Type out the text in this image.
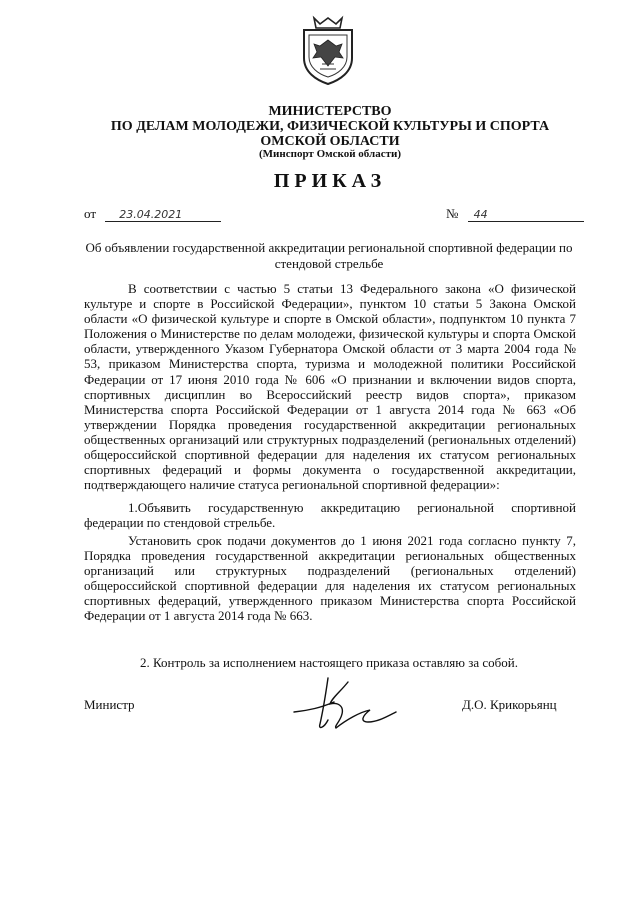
МИНИСТЕРСТВО
ПО ДЕЛАМ МОЛОДЕЖИ, ФИЗИЧЕСКОЙ КУЛЬТУРЫ И СПОРТА
ОМСКОЙ ОБЛАСТИ
(Минспорт Омской области)
ПРИКАЗ
от 23.04.2021	№ 44
Об объявлении государственной аккредитации региональной спортивной федерации по стендовой стрельбе

В соответствии с частью 5 статьи 13 Федерального закона «О физической культуре и спорте в Российской Федерации», пунктом 10 статьи 5 Закона Омской области «О физической культуре и спорте в Омской области», подпунктом 10 пункта 7 Положения о Министерстве по делам молодежи, физической культуры и спорта Омской области, утвержденного Указом Губернатора Омской области от 3 марта 2004 года № 53, приказом Министерства спорта, туризма и молодежной политики Российской Федерации от 17 июня 2010 года № 606 «О признании и включении видов спорта, спортивных дисциплин во Всероссийский реестр видов спорта», приказом Министерства спорта Российской Федерации от 1 августа 2014 года № 663 «Об утверждении Порядка проведения государственной аккредитации региональных общественных организаций или структурных подразделений (региональных отделений) общероссийской спортивной федерации для наделения их статусом региональных спортивных федераций и формы документа о государственной аккредитации, подтверждающего наличие статуса региональной спортивной федерации»:

1.Объявить государственную аккредитацию региональной спортивной федерации по стендовой стрельбе.

Установить срок подачи документов до 1 июня 2021 года согласно пункту 7, Порядка проведения государственной аккредитации региональных общественных организаций или структурных подразделений (региональных отделений) общероссийской спортивной федерации для наделения их статусом региональных спортивных федераций, утвержденного приказом Министерства спорта Российской Федерации от 1 августа 2014 года № 663.

2. Контроль за исполнением настоящего приказа оставляю за собой.
Министр	Д.О. Крикорьянц
